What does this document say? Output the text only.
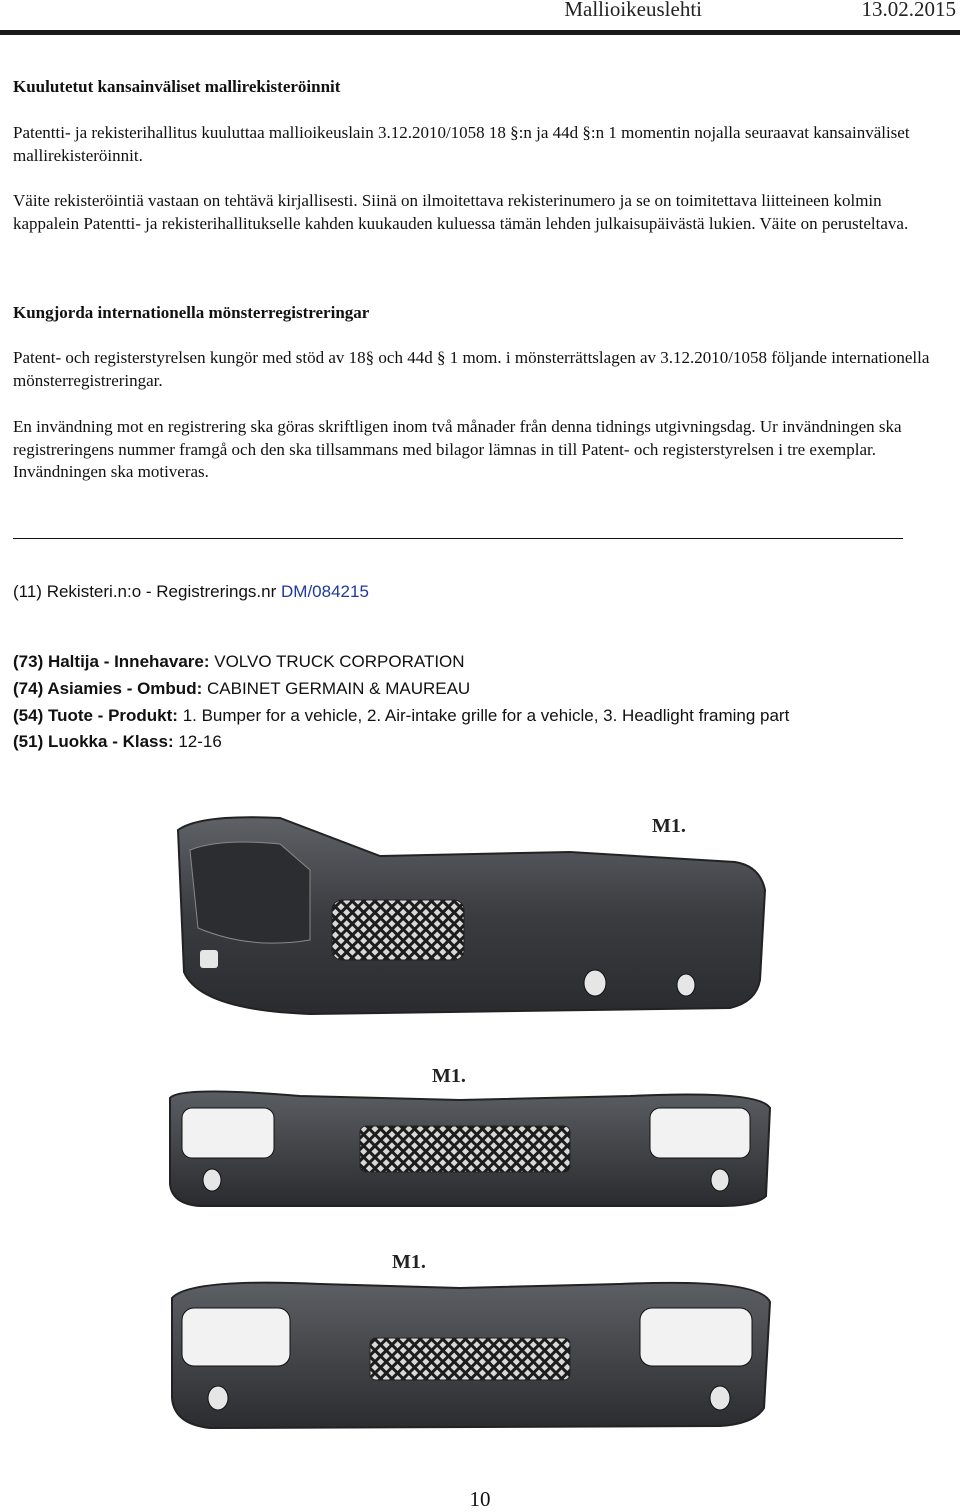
Mallioikeuslehti	13.02.2015
Kuulutetut kansainväliset mallirekisteröinnit
Patentti- ja rekisterihallitus kuuluttaa mallioikeuslain 3.12.2010/1058 18 §:n ja 44d §:n 1 momentin nojalla seuraavat kansainväliset mallirekisteröinnit.
Väite rekisteröintiä vastaan on tehtävä kirjallisesti. Siinä on ilmoitettava rekisterinumero ja se on toimitettava liitteineen kolmin kappalein Patentti- ja rekisterihallitukselle kahden kuukauden kuluessa tämän lehden julkaisupäivästä lukien. Väite on perusteltava.
Kungjorda internationella mönsterregistreringar
Patent- och registerstyrelsen kungör med stöd av 18§ och 44d § 1 mom. i mönsterrättslagen av 3.12.2010/1058 följande internationella mönsterregistreringar.
En invändning mot en registrering ska göras skriftligen inom två månader från denna tidnings utgivningsdag. Ur invändningen ska registreringens nummer framgå och den ska tillsammans med bilagor lämnas in till Patent- och registerstyrelsen i tre exemplar. Invändningen ska motiveras.
(11) Rekisteri.n:o - Registrerings.nr DM/084215
(73) Haltija - Innehavare: VOLVO TRUCK CORPORATION
(74) Asiamies - Ombud: CABINET GERMAIN & MAUREAU
(54) Tuote - Produkt: 1. Bumper for a vehicle, 2. Air-intake grille for a vehicle, 3. Headlight framing part
(51) Luokka - Klass: 12-16
M1.
M1.
M1.
10
